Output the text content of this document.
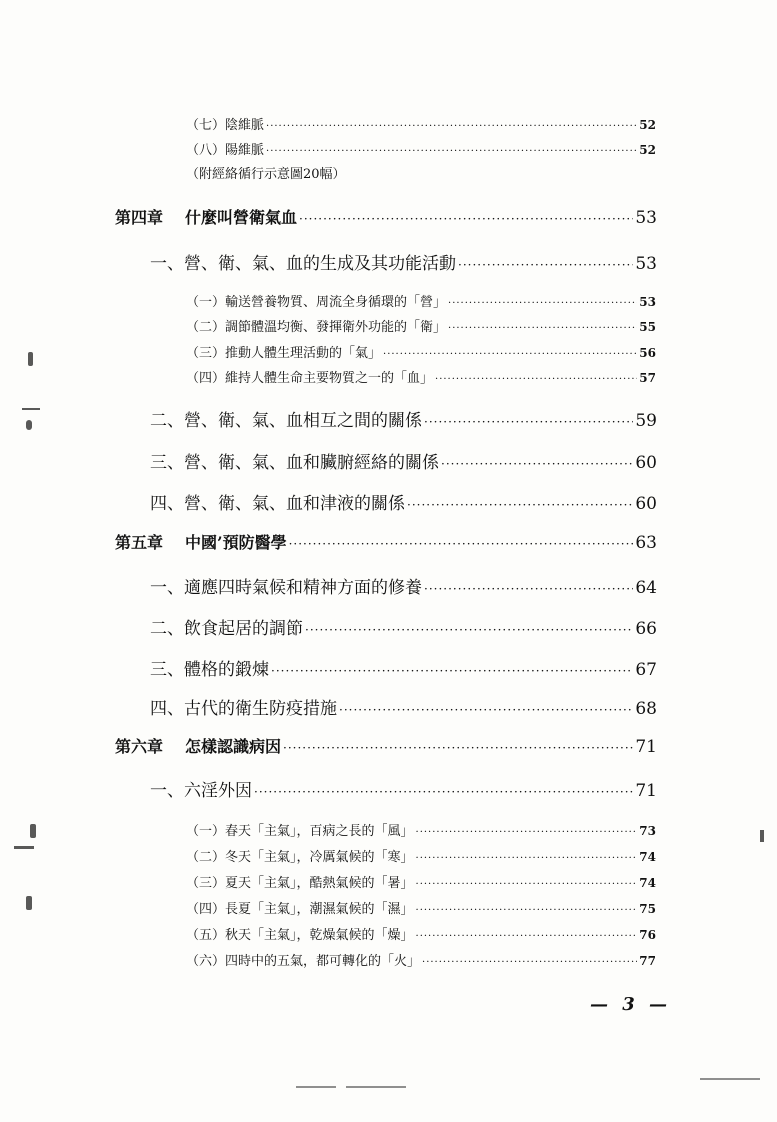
（七）陰維脈 ·····	52
（八）陽維脈 ·····	52
（附經絡循行示意圖20幅）
第四章 什麼叫營衛氣血 ·····	53
一、營、衛、氣、血的生成及其功能活動 ·····	53
（一）輸送營養物質、周流全身循環的「營」 ·····	53
（二）調節體溫均衡、發揮衛外功能的「衛」 ·····	55
（三）推動人體生理活動的「氣」 ·····	56
（四）維持人體生命主要物質之一的「血」 ·····	57
二、營、衛、氣、血相互之間的關係 ·····	59
三、營、衛、氣、血和臟腑經絡的關係 ·····	60
四、營、衛、氣、血和津液的關係 ·····	60
第五章 中國’預防醫學 ·····	63
一、適應四時氣候和精神方面的修養 ·····	64
二、飲食起居的調節 ·····	66
三、體格的鍛煉 ·····	67
四、古代的衛生防疫措施 ·····	68
第六章 怎樣認識病因 ·····	71
一、六淫外因 ·····	71
（一）春天「主氣」，百病之長的「風」 ·····	73
（二）冬天「主氣」，冷厲氣候的「寒」 ·····	74
（三）夏天「主氣」，酷熱氣候的「暑」 ·····	74
（四）長夏「主氣」，潮濕氣候的「濕」 ·····	75
（五）秋天「主氣」，乾燥氣候的「燥」 ·····	76
（六）四時中的五氣，都可轉化的「火」 ·····	77
— 3 —
